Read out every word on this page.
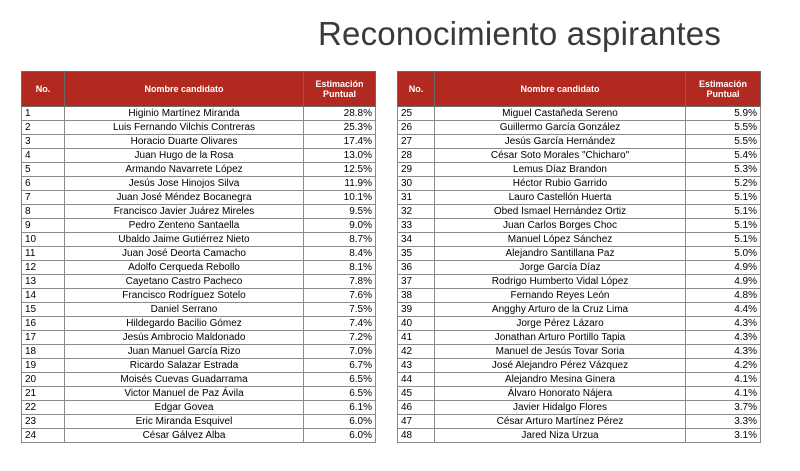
Reconocimiento aspirantes
No.	Nombre candidato	Estimación Puntual
1	Higinio Martínez Miranda	28.8%
2	Luis Fernando Vilchis Contreras	25.3%
3	Horacio Duarte Olivares	17.4%
4	Juan Hugo de la Rosa	13.0%
5	Armando Navarrete López	12.5%
6	Jesús Jose Hinojos Silva	11.9%
7	Juan José Méndez Bocanegra	10.1%
8	Francisco Javier Juárez Mireles	9.5%
9	Pedro Zenteno Santaella	9.0%
10	Ubaldo Jaime Gutiérrez Nieto	8.7%
11	Juan José Deorta Camacho	8.4%
12	Adolfo Cerqueda Rebollo	8.1%
13	Cayetano Castro Pacheco	7.8%
14	Francisco Rodríguez Sotelo	7.6%
15	Daniel Serrano	7.5%
16	Hildegardo Bacilio Gómez	7.4%
17	Jesús Ambrocio Maldonado	7.2%
18	Juan Manuel García Rizo	7.0%
19	Ricardo Salazar Estrada	6.7%
20	Moisés Cuevas Guadarrama	6.5%
21	Victor Manuel de Paz Ávila	6.5%
22	Edgar Govea	6.1%
23	Eric Miranda Esquivel	6.0%
24	César Gálvez Alba	6.0%
No.	Nombre candidato	Estimación Puntual
25	Miguel Castañeda Sereno	5.9%
26	Guillermo García González	5.5%
27	Jesús García Hernández	5.5%
28	César Soto Morales "Chicharo"	5.4%
29	Lemus Díaz Brandon	5.3%
30	Héctor Rubio Garrido	5.2%
31	Lauro Castellón Huerta	5.1%
32	Obed Ismael Hernández Ortiz	5.1%
33	Juan Carlos Borges Choc	5.1%
34	Manuel López Sánchez	5.1%
35	Alejandro Santillana Paz	5.0%
36	Jorge García Díaz	4.9%
37	Rodrigo Humberto Vidal López	4.9%
38	Fernando Reyes León	4.8%
39	Angghy Arturo de la Cruz Lima	4.4%
40	Jorge Pérez Lázaro	4.3%
41	Jonathan Arturo Portillo Tapia	4.3%
42	Manuel de Jesús Tovar Soria	4.3%
43	José Alejandro Pérez Vázquez	4.2%
44	Alejandro Mesina Ginera	4.1%
45	Álvaro Honorato Nájera	4.1%
46	Javier Hidalgo Flores	3.7%
47	César Arturo Martínez Pérez	3.3%
48	Jared Niza Urzua	3.1%
